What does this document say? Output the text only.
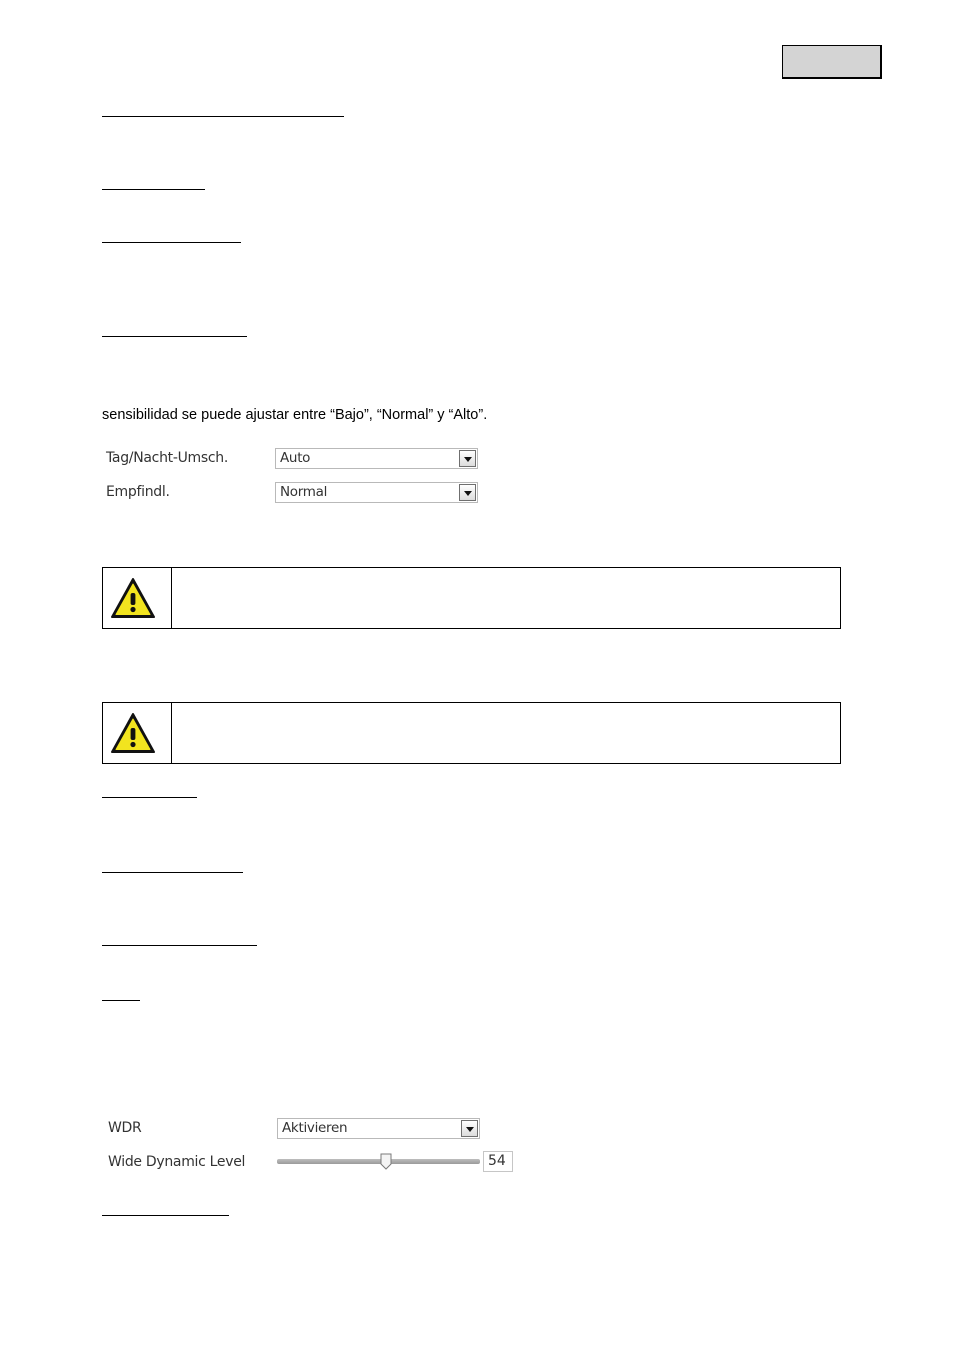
sensibilidad se puede ajustar entre “Bajo”, “Normal” y “Alto”.
Tag/Nacht-Umsch.	Auto
Empfindl.	Normal
WDR	Aktivieren
Wide Dynamic Level	54
